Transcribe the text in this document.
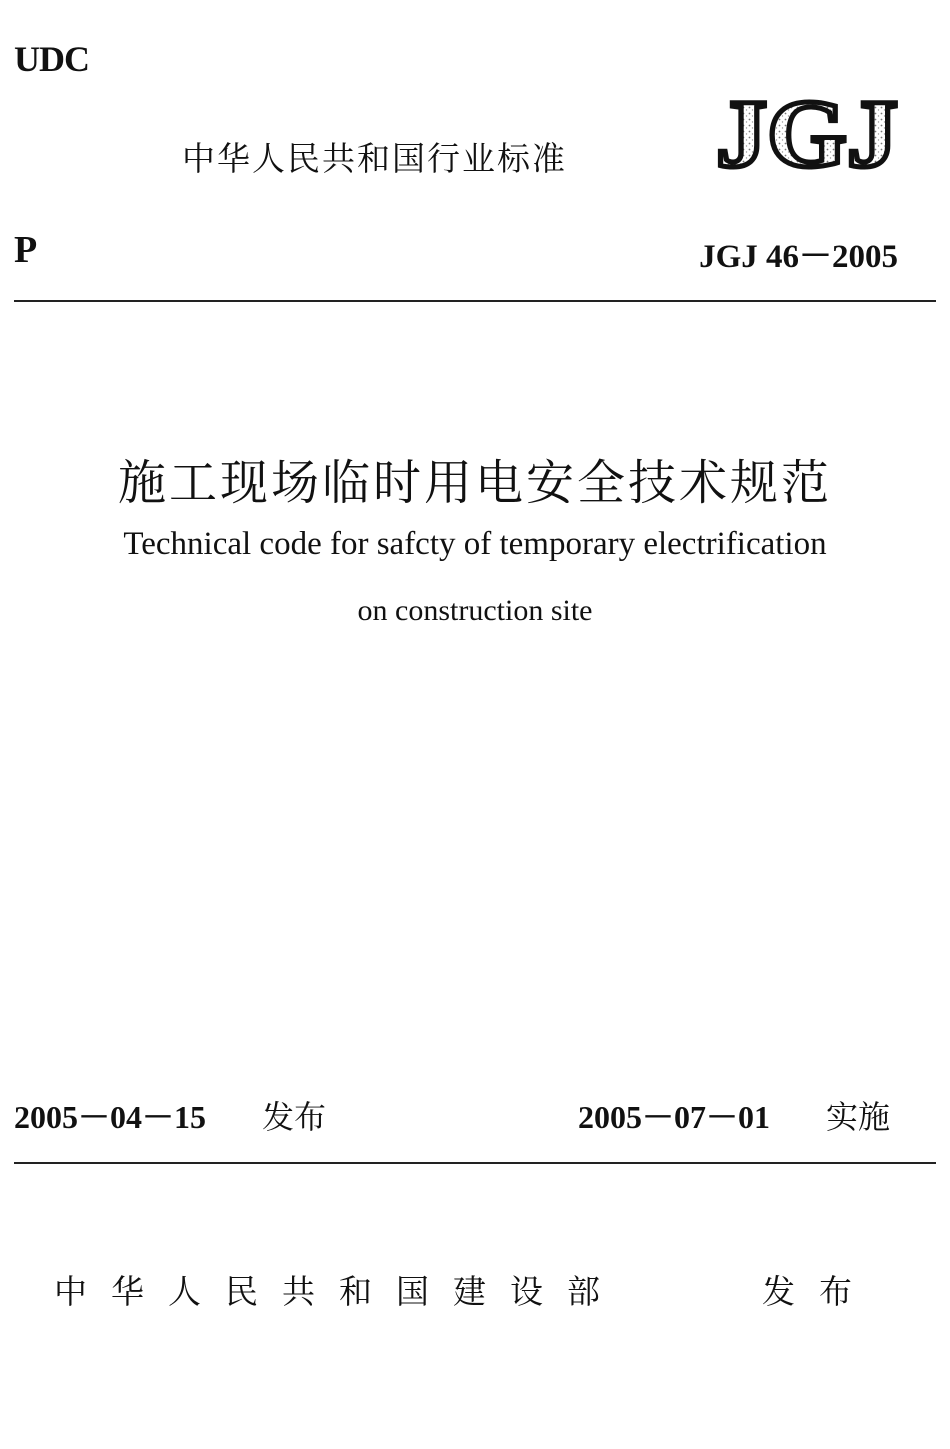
UDC
中华人民共和国行业标准 JGJ
P	JGJ 46－2005
施工现场临时用电安全技术规范
Technical code for safcty of temporary electrification
on construction site
2005－04－15 发布	2005－07－01 实施
中华人民共和国建设部	发布
